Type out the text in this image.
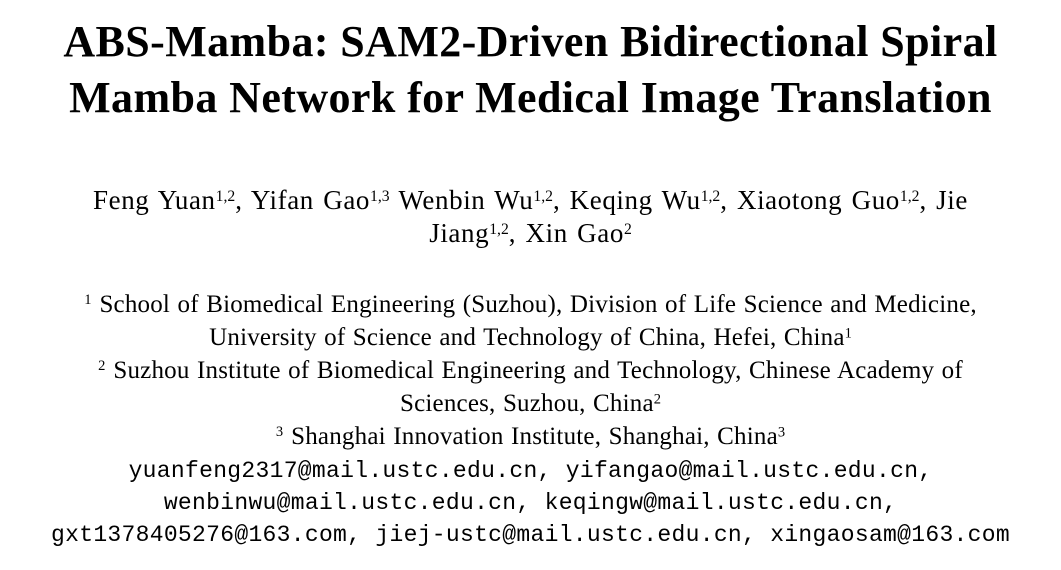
ABS-Mamba: SAM2-Driven Bidirectional Spiral
Mamba Network for Medical Image Translation
Feng Yuan$^{1,2}$, Yifan Gao$^{1,3}$ Wenbin Wu$^{1,2}$, Keqing Wu$^{1,2}$, Xiaotong Guo$^{1,2}$, Jie
Jiang$^{1,2}$, Xin Gao$^2$
$^1$ School of Biomedical Engineering (Suzhou), Division of Life Science and Medicine,
University of Science and Technology of China, Hefei, China$^1$
$^2$ Suzhou Institute of Biomedical Engineering and Technology, Chinese Academy of
Sciences, Suzhou, China$^2$
$^3$ Shanghai Innovation Institute, Shanghai, China$^3$
yuanfeng2317@mail.ustc.edu.cn, yifangao@mail.ustc.edu.cn,
wenbinwu@mail.ustc.edu.cn, keqingw@mail.ustc.edu.cn,
gxt1378405276@163.com, jiej-ustc@mail.ustc.edu.cn, xingaosam@163.com
